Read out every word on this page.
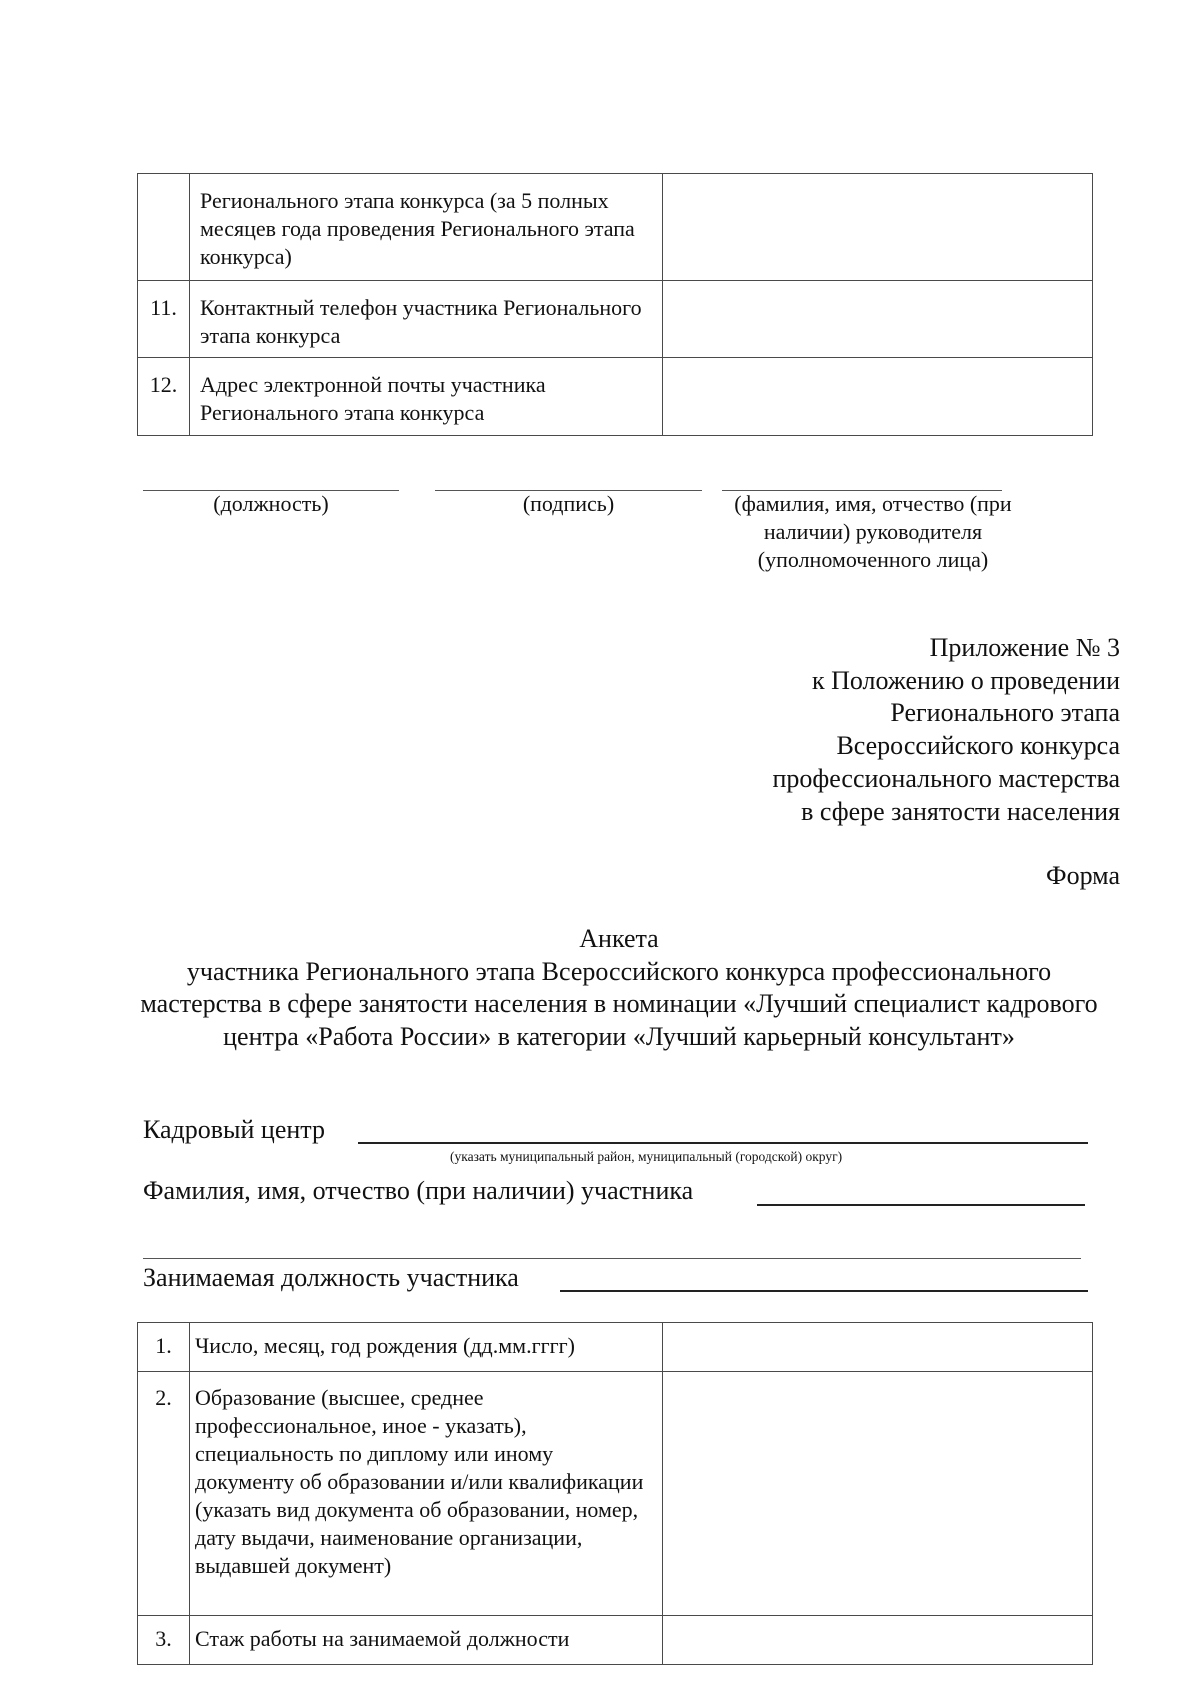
	Регионального этапа конкурса (за 5 полных месяцев года проведения Регионального этапа конкурса)	
11.	Контактный телефон участника Регионального этапа конкурса	
12.	Адрес электронной почты участника Регионального этапа конкурса	
(должность)	(подпись)	(фамилия, имя, отчество (при наличии) руководителя (уполномоченного лица)
Приложение № 3
к Положению о проведении
Регионального этапа
Всероссийского конкурса
профессионального мастерства
в сфере занятости населения
Форма
Анкета
участника Регионального этапа Всероссийского конкурса профессионального мастерства в сфере занятости населения в номинации «Лучший специалист кадрового центра «Работа России» в категории «Лучший карьерный консультант»
Кадровый центр
(указать муниципальный район, муниципальный (городской) округ)
Фамилия, имя, отчество (при наличии) участника
Занимаемая должность участника
1.	Число, месяц, год рождения (дд.мм.гггг)	
2.	Образование (высшее, среднее профессиональное, иное - указать), специальность по диплому или иному документу об образовании и/или квалификации (указать вид документа об образовании, номер, дату выдачи, наименование организации, выдавшей документ)	
3.	Стаж работы на занимаемой должности	
